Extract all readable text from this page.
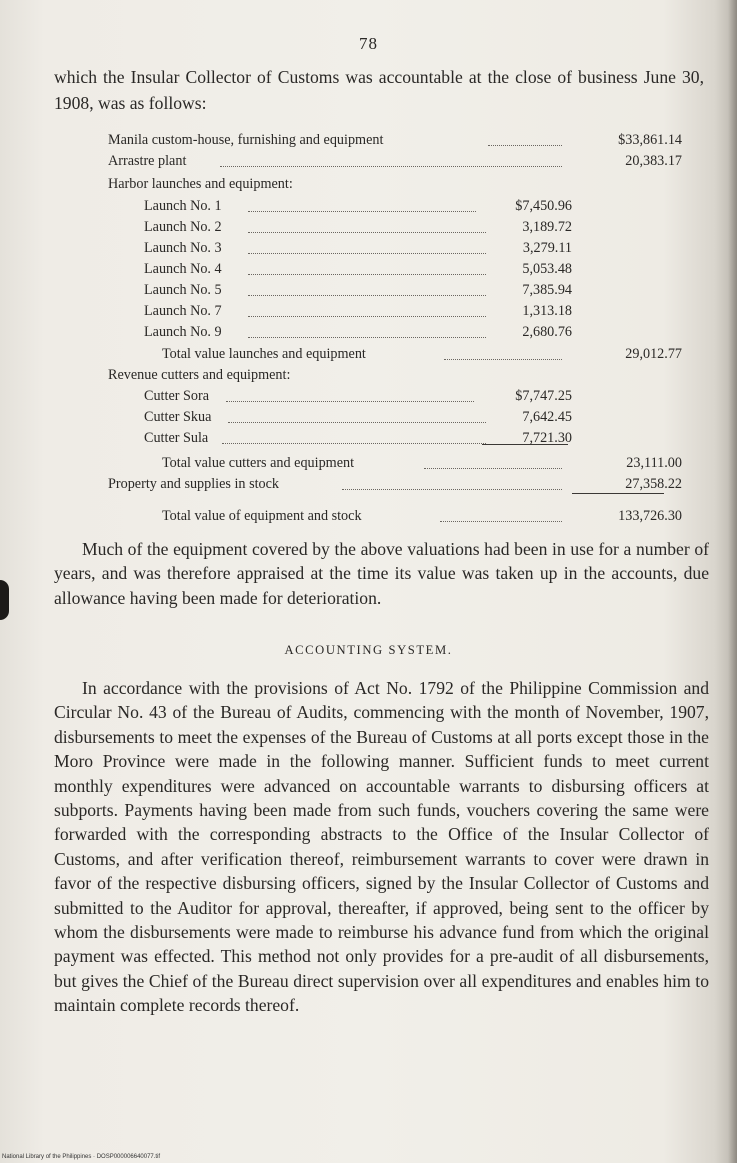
78
which the Insular Collector of Customs was accountable at the close of business June 30, 1908, was as follows:
Manila custom-house, furnishing and equipment	$33,861.14
Arrastre plant	20,383.17
Harbor launches and equipment:
Launch No. 1	$7,450.96
Launch No. 2	3,189.72
Launch No. 3	3,279.11
Launch No. 4	5,053.48
Launch No. 5	7,385.94
Launch No. 7	1,313.18
Launch No. 9	2,680.76
Total value launches and equipment	29,012.77
Revenue cutters and equipment:
Cutter Sora	$7,747.25
Cutter Skua	7,642.45
Cutter Sula	7,721.30
Total value cutters and equipment	23,111.00
Property and supplies in stock	27,358.22
Total value of equipment and stock	133,726.30

Much of the equipment covered by the above valuations had been in use for a number of years, and was therefore appraised at the time its value was taken up in the accounts, due allowance having been made for deterioration.

ACCOUNTING SYSTEM.

In accordance with the provisions of Act No. 1792 of the Philippine Commission and Circular No. 43 of the Bureau of Audits, commencing with the month of November, 1907, disbursements to meet the expenses of the Bureau of Customs at all ports except those in the Moro Province were made in the following manner. Sufficient funds to meet current monthly expenditures were advanced on accountable warrants to disbursing officers at subports. Payments having been made from such funds, vouchers covering the same were forwarded with the corresponding abstracts to the Office of the Insular Collector of Customs, and after verification thereof, reimbursement warrants to cover were drawn in favor of the respective disbursing officers, signed by the Insular Collector of Customs and submitted to the Auditor for approval, thereafter, if approved, being sent to the officer by whom the disbursements were made to reimburse his advance fund from which the original payment was effected. This method not only provides for a pre-audit of all disbursements, but gives the Chief of the Bureau direct supervision over all expenditures and enables him to maintain complete records thereof.

National Library of the Philippines · DOSP000006640077.tif
